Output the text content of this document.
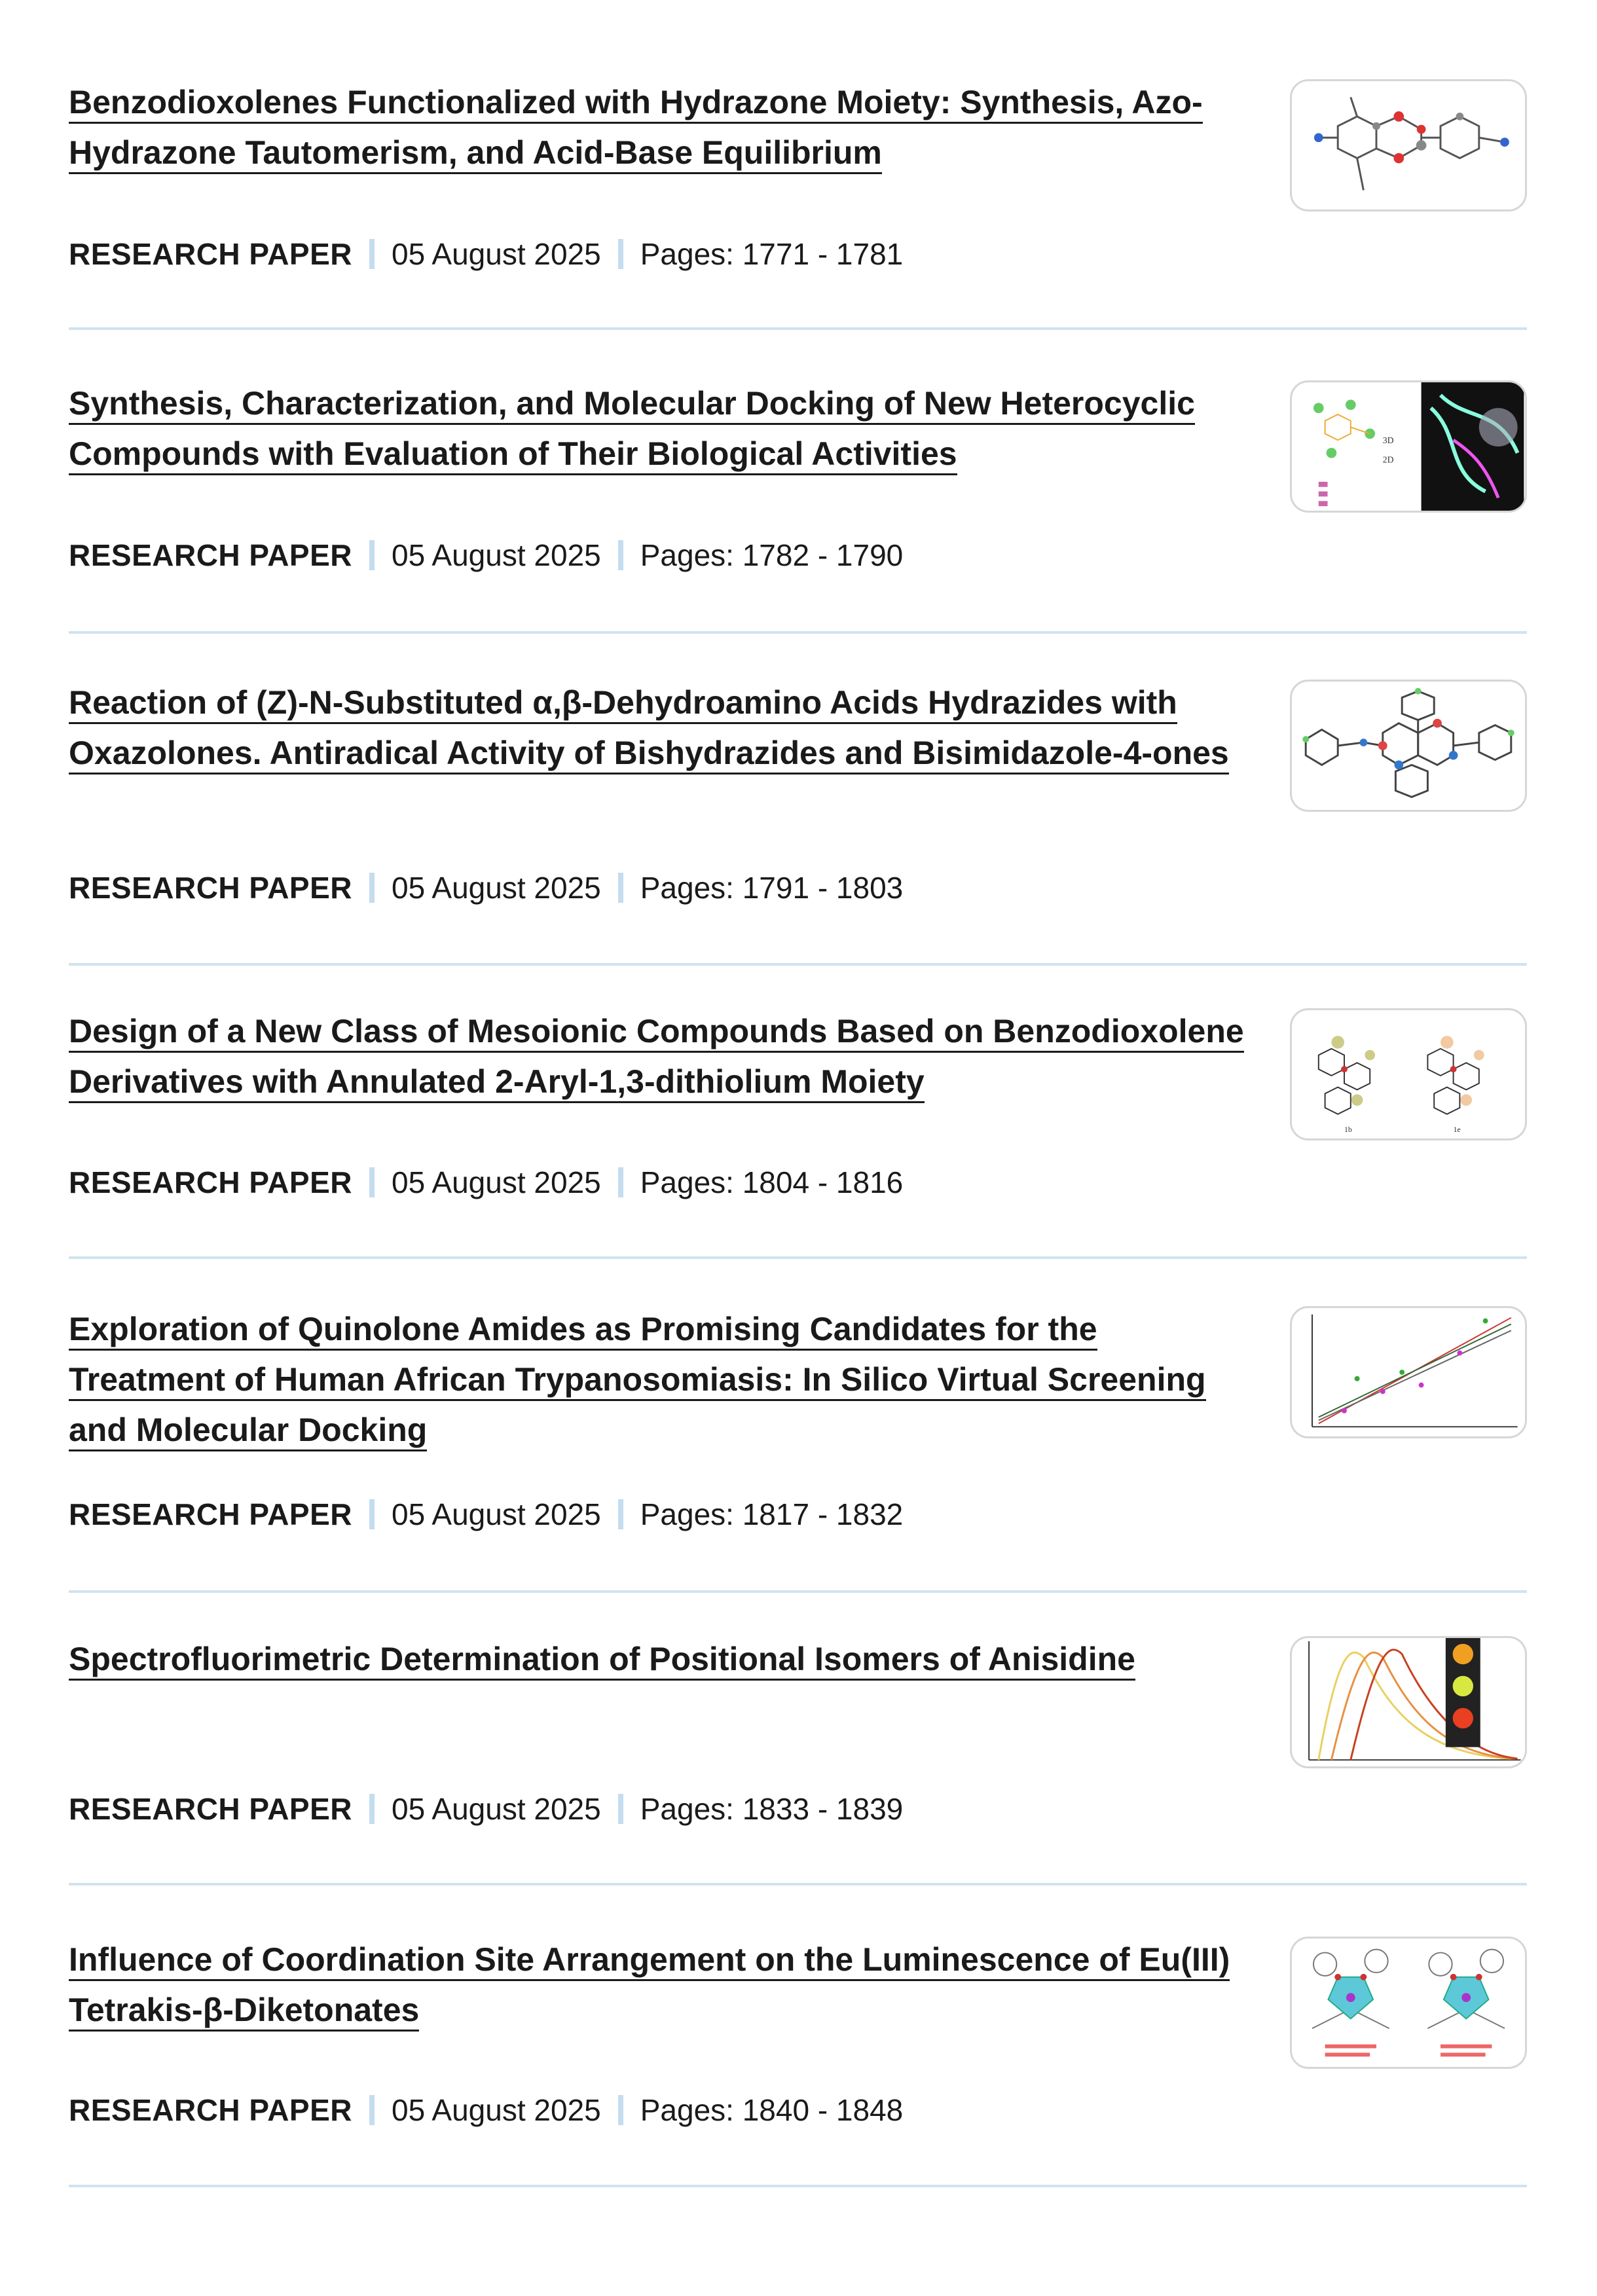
Benzodioxolenes Functionalized with Hydrazone Moiety: Synthesis, Azo-Hydrazone Tautomerism, and Acid-Base Equilibrium
RESEARCH PAPER 05 August 2025 Pages: 1771 - 1781
Synthesis, Characterization, and Molecular Docking of New Heterocyclic Compounds with Evaluation of Their Biological Activities
RESEARCH PAPER 05 August 2025 Pages: 1782 - 1790
3D
2D
Reaction of (Z)-N-Substituted α,β-Dehydroamino Acids Hydrazides with Oxazolones. Antiradical Activity of Bishydrazides and Bisimidazole-4-ones
RESEARCH PAPER 05 August 2025 Pages: 1791 - 1803
Design of a New Class of Mesoionic Compounds Based on Benzodioxolene Derivatives with Annulated 2-Aryl-1,3-dithiolium Moiety
RESEARCH PAPER 05 August 2025 Pages: 1804 - 1816
1b	1e
Exploration of Quinolone Amides as Promising Candidates for the Treatment of Human African Trypanosomiasis: In Silico Virtual Screening and Molecular Docking
RESEARCH PAPER 05 August 2025 Pages: 1817 - 1832
Spectrofluorimetric Determination of Positional Isomers of Anisidine
RESEARCH PAPER 05 August 2025 Pages: 1833 - 1839
Influence of Coordination Site Arrangement on the Luminescence of Eu(III) Tetrakis-β-Diketonates
RESEARCH PAPER 05 August 2025 Pages: 1840 - 1848
